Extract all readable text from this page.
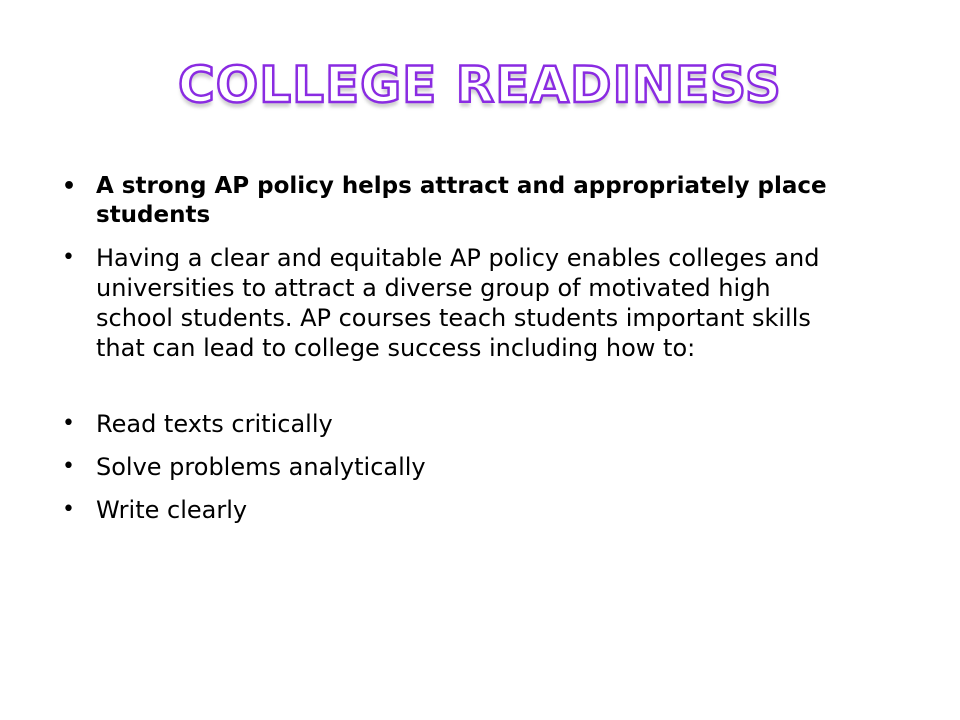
COLLEGE READINESS
• A strong AP policy helps attract and appropriately place students
• Having a clear and equitable AP policy enables colleges and universities to attract a diverse group of motivated high school students. AP courses teach students important skills that can lead to college success including how to:
• Read texts critically
• Solve problems analytically
• Write clearly
